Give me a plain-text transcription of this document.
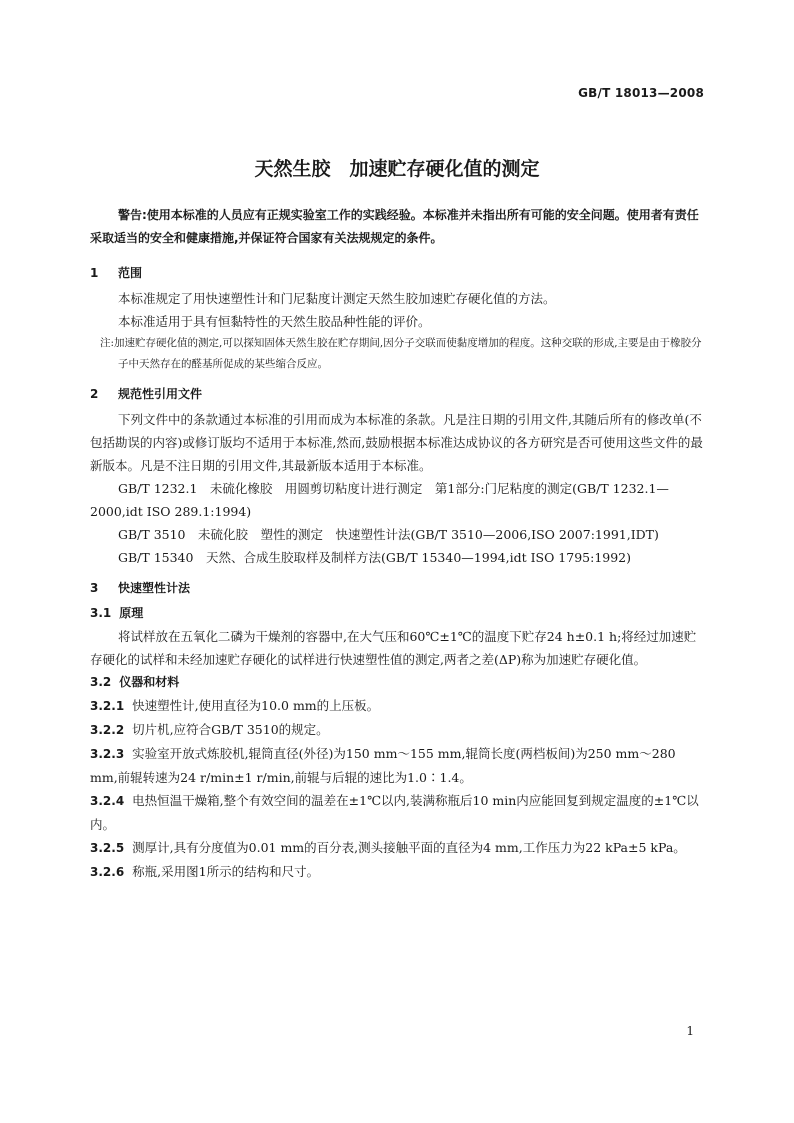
GB/T 18013—2008
天然生胶　加速贮存硬化值的测定

警告:使用本标准的人员应有正规实验室工作的实践经验。本标准并未指出所有可能的安全问题。使用者有责任采取适当的安全和健康措施,并保证符合国家有关法规规定的条件。

1 范围

本标准规定了用快速塑性计和门尼黏度计测定天然生胶加速贮存硬化值的方法。

本标准适用于具有恒黏特性的天然生胶品种性能的评价。

注:加速贮存硬化值的测定,可以探知固体天然生胶在贮存期间,因分子交联而使黏度增加的程度。这种交联的形成,主要是由于橡胶分子中天然存在的醛基所促成的某些缩合反应。

2 规范性引用文件

下列文件中的条款通过本标准的引用而成为本标准的条款。凡是注日期的引用文件,其随后所有的修改单(不包括勘误的内容)或修订版均不适用于本标准,然而,鼓励根据本标准达成协议的各方研究是否可使用这些文件的最新版本。凡是不注日期的引用文件,其最新版本适用于本标准。

GB/T 1232.1　未硫化橡胶　用圆剪切粘度计进行测定　第1部分:门尼粘度的测定(GB/T 1232.1—2000,idt ISO 289.1:1994)

GB/T 3510　未硫化胶　塑性的测定　快速塑性计法(GB/T 3510—2006,ISO 2007:1991,IDT)

GB/T 15340　天然、合成生胶取样及制样方法(GB/T 15340—1994,idt ISO 1795:1992)

3 快速塑性计法

3.1 原理

将试样放在五氧化二磷为干燥剂的容器中,在大气压和60℃±1℃的温度下贮存24 h±0.1 h;将经过加速贮存硬化的试样和未经加速贮存硬化的试样进行快速塑性值的测定,两者之差(ΔP)称为加速贮存硬化值。

3.2 仪器和材料

3.2.1 快速塑性计,使用直径为10.0 mm的上压板。

3.2.2 切片机,应符合GB/T 3510的规定。

3.2.3 实验室开放式炼胶机,辊筒直径(外径)为150 mm～155 mm,辊筒长度(两档板间)为250 mm～280 mm,前辊转速为24 r/min±1 r/min,前辊与后辊的速比为1.0∶1.4。

3.2.4 电热恒温干燥箱,整个有效空间的温差在±1℃以内,装满称瓶后10 min内应能回复到规定温度的±1℃以内。

3.2.5 测厚计,具有分度值为0.01 mm的百分表,测头接触平面的直径为4 mm,工作压力为22 kPa±5 kPa。

3.2.6 称瓶,采用图1所示的结构和尺寸。

1
